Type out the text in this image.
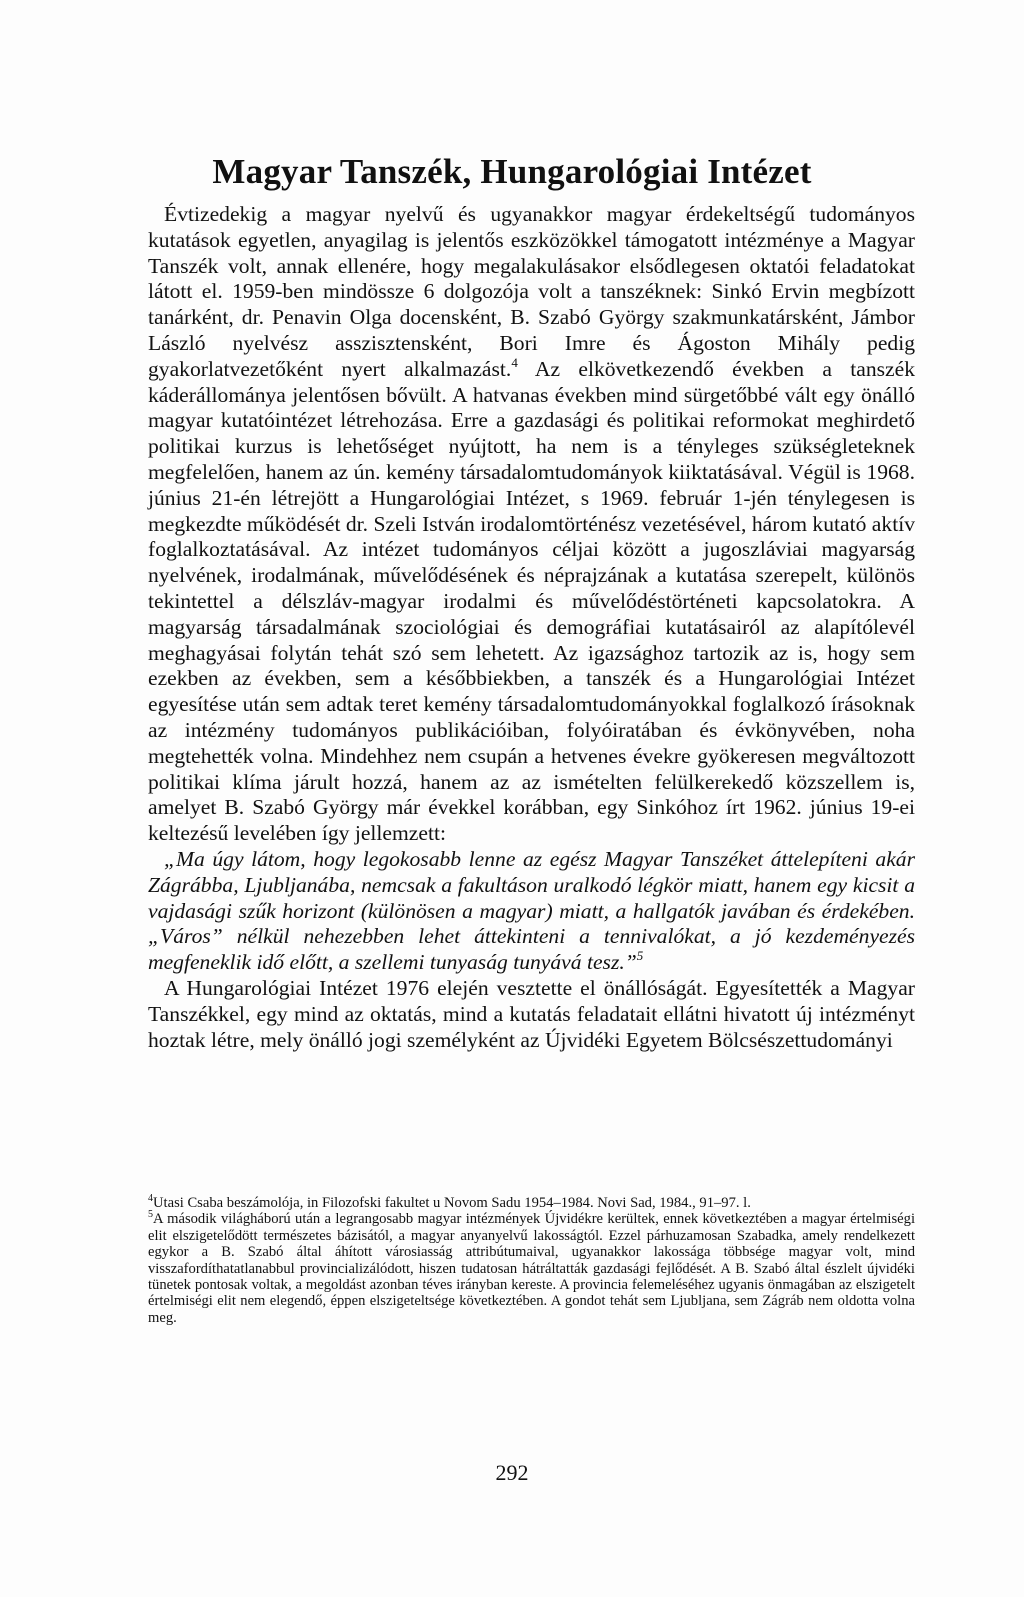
Magyar Tanszék, Hungarológiai Intézet

Évtizedekig a magyar nyelvű és ugyanakkor magyar érdekeltségű tudományos kutatások egyetlen, anyagilag is jelentős eszközökkel támogatott intézménye a Magyar Tanszék volt, annak ellenére, hogy megalakulásakor elsődlegesen oktatói feladatokat látott el. 1959-ben mindössze 6 dolgozója volt a tanszéknek: Sinkó Ervin megbízott tanárként, dr. Penavin Olga docensként, B. Szabó György szakmunkatársként, Jámbor László nyelvész asszisztensként, Bori Imre és Ágoston Mihály pedig gyakorlatvezetőként nyert alkalmazást.$^4$ Az elkövetkezendő években a tanszék káderállománya jelentősen bővült. A hatvanas években mind sürgetőbbé vált egy önálló magyar kutatóintézet létrehozása. Erre a gazdasági és politikai reformokat meghirdető politikai kurzus is lehetőséget nyújtott, ha nem is a tényleges szükségleteknek megfelelően, hanem az ún. kemény társadalomtudományok kiiktatásával. Végül is 1968. június 21-én létrejött a Hungarológiai Intézet, s 1969. február 1-jén ténylegesen is megkezdte működését dr. Szeli István irodalomtörténész vezetésével, három kutató aktív foglalkoztatásával. Az intézet tudományos céljai között a jugoszláviai magyarság nyelvének, irodalmának, művelődésének és néprajzának a kutatása szerepelt, különös tekintettel a délszláv-magyar irodalmi és művelődéstörténeti kapcsolatokra. A magyarság társadalmának szociológiai és demográfiai kutatásairól az alapítólevél meghagyásai folytán tehát szó sem lehetett. Az igazsághoz tartozik az is, hogy sem ezekben az években, sem a későbbiekben, a tanszék és a Hungarológiai Intézet egyesítése után sem adtak teret kemény társadalomtudományokkal foglalkozó írásoknak az intézmény tudományos publikációiban, folyóiratában és évkönyvében, noha megtehették volna. Mindehhez nem csupán a hetvenes évekre gyökeresen megváltozott politikai klíma járult hozzá, hanem az az ismételten felülkerekedő közszellem is, amelyet B. Szabó György már évekkel korábban, egy Sinkóhoz írt 1962. június 19-ei keltezésű levelében így jellemzett:

„Ma úgy látom, hogy legokosabb lenne az egész Magyar Tanszéket áttelepíteni akár Zágrábba, Ljubljanába, nemcsak a fakultáson uralkodó légkör miatt, hanem egy kicsit a vajdasági szűk horizont (különösen a magyar) miatt, a hallgatók javában és érdekében. „Város” nélkül nehezebben lehet áttekinteni a tennivalókat, a jó kezdeményezés megfeneklik idő előtt, a szellemi tunyaság tunyává tesz.”$^5$

A Hungarológiai Intézet 1976 elején vesztette el önállóságát. Egyesítették a Magyar Tanszékkel, egy mind az oktatás, mind a kutatás feladatait ellátni hivatott új intézményt hoztak létre, mely önálló jogi személyként az Újvidéki Egyetem Bölcsészettudományi

$^4$Utasi Csaba beszámolója, in Filozofski fakultet u Novom Sadu 1954–1984. Novi Sad, 1984., 91–97. l.

$^5$A második világháború után a legrangosabb magyar intézmények Újvidékre kerültek, ennek következtében a magyar értelmiségi elit elszigetelődött természetes bázisától, a magyar anyanyelvű lakosságtól. Ezzel párhuzamosan Szabadka, amely rendelkezett egykor a B. Szabó által áhított városiasság attribútumaival, ugyanakkor lakossága többsége magyar volt, mind visszafordíthatatlanabbul provincializálódott, hiszen tudatosan hátráltatták gazdasági fejlődését. A B. Szabó által észlelt újvidéki tünetek pontosak voltak, a megoldást azonban téves irányban kereste. A provincia felemeléséhez ugyanis önmagában az elszigetelt értelmiségi elit nem elegendő, éppen elszigeteltsége következtében. A gondot tehát sem Ljubljana, sem Zágráb nem oldotta volna meg.

292
